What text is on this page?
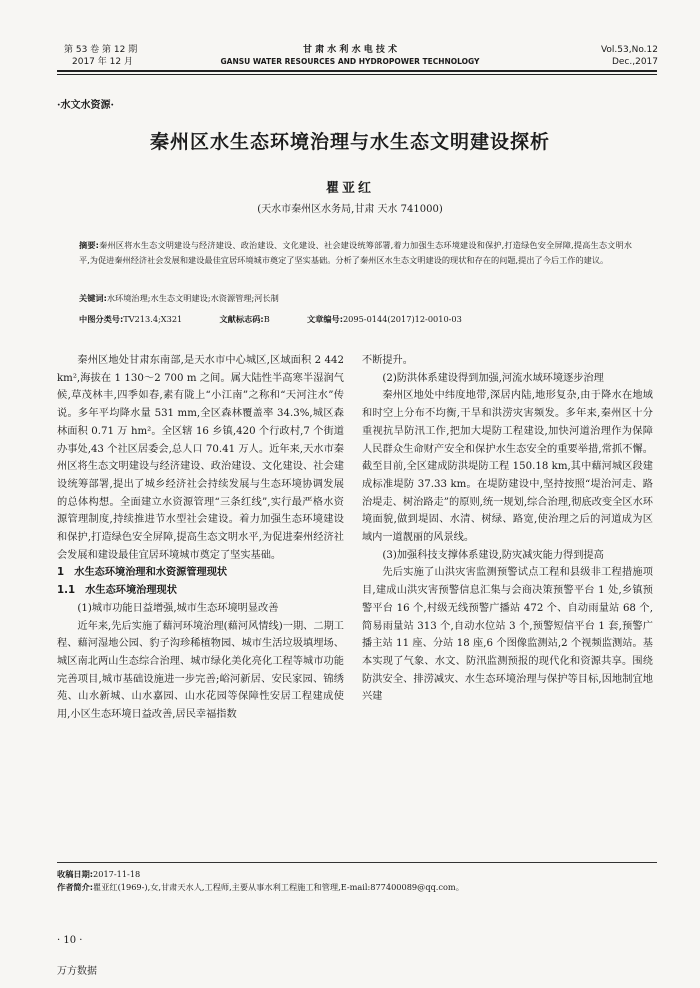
第 53 卷 第 12 期
2017 年 12 月
甘 肃 水 利 水 电 技 术
GANSU WATER RESOURCES AND HYDROPOWER TECHNOLOGY
Vol.53,No.12
Dec.,2017
·水文水资源·
秦州区水生态环境治理与水生态文明建设探析
瞿亚红
(天水市秦州区水务局,甘肃 天水 741000)
摘要:秦州区将水生态文明建设与经济建设、政治建设、文化建设、社会建设统筹部署,着力加强生态环境建设和保护,打造绿色安全屏障,提高生态文明水平,为促进秦州经济社会发展和建设最佳宜居环境城市奠定了坚实基础。分析了秦州区水生态文明建设的现状和存在的问题,提出了今后工作的建议。
关键词:水环境治理;水生态文明建设;水资源管理;河长制
中图分类号:TV213.4;X321	文献标志码:B	文章编号:2095-0144(2017)12-0010-03

秦州区地处甘肃东南部,是天水市中心城区,区域面积 2 442 km²,海拔在 1 130～2 700 m 之间。属大陆性半高寒半湿润气候,草茂林丰,四季如春,素有陇上“小江南”之称和“天河注水”传说。多年平均降水量 531 mm,全区森林覆盖率 34.3%,城区森林面积 0.71 万 hm²。全区辖 16 乡镇,420 个行政村,7 个街道办事处,43 个社区居委会,总人口 70.41 万人。近年来,天水市秦州区将生态文明建设与经济建设、政治建设、文化建设、社会建设统筹部署,提出了城乡经济社会持续发展与生态环境协调发展的总体构想。全面建立水资源管理“三条红线”,实行最严格水资源管理制度,持续推进节水型社会建设。着力加强生态环境建设和保护,打造绿色安全屏障,提高生态文明水平,为促进秦州经济社会发展和建设最佳宜居环境城市奠定了坚实基础。

1　水生态环境治理和水资源管理现状
1.1　水生态环境治理现状

(1)城市功能日益增强,城市生态环境明显改善

近年来,先后实施了藉河环境治理(藉河风情线)一期、二期工程、藉河湿地公园、豹子沟珍稀植物园、城市生活垃圾填埋场、城区南北两山生态综合治理、城市绿化美化亮化工程等城市功能完善项目,城市基础设施进一步完善;峪河新居、安民家园、锦绣苑、山水新城、山水嘉园、山水花园等保障性安居工程建成使用,小区生态环境日益改善,居民幸福指数

不断提升。

(2)防洪体系建设得到加强,河流水域环境逐步治理

秦州区地处中纬度地带,深居内陆,地形复杂,由于降水在地域和时空上分布不均衡,干旱和洪涝灾害频发。多年来,秦州区十分重视抗旱防汛工作,把加大堤防工程建设,加快河道治理作为保障人民群众生命财产安全和保护水生态安全的重要举措,常抓不懈。截至目前,全区建成防洪堤防工程 150.18 km,其中藉河城区段建成标准堤防 37.33 km。在堤防建设中,坚持按照“堤治河走、路治堤走、树治路走”的原则,统一规划,综合治理,彻底改变全区水环境面貌,做到堤固、水清、树绿、路宽,使治理之后的河道成为区域内一道靓丽的风景线。

(3)加强科技支撑体系建设,防灾减灾能力得到提高

先后实施了山洪灾害监测预警试点工程和县级非工程措施项目,建成山洪灾害预警信息汇集与会商决策预警平台 1 处,乡镇预警平台 16 个,村级无线预警广播站 472 个、自动雨量站 68 个,简易雨量站 313 个,自动水位站 3 个,预警短信平台 1 套,预警广播主站 11 座、分站 18 座,6 个图像监测站,2 个视频监测站。基本实现了气象、水文、防汛监测预报的现代化和资源共享。围绕防洪安全、排涝减灾、水生态环境治理与保护等目标,因地制宜地兴建

收稿日期:2017-11-18
作者简介:瞿亚红(1969-),女,甘肃天水人,工程师,主要从事水利工程施工和管理,E-mail:877400089@qq.com。
· 10 ·
万方数据
